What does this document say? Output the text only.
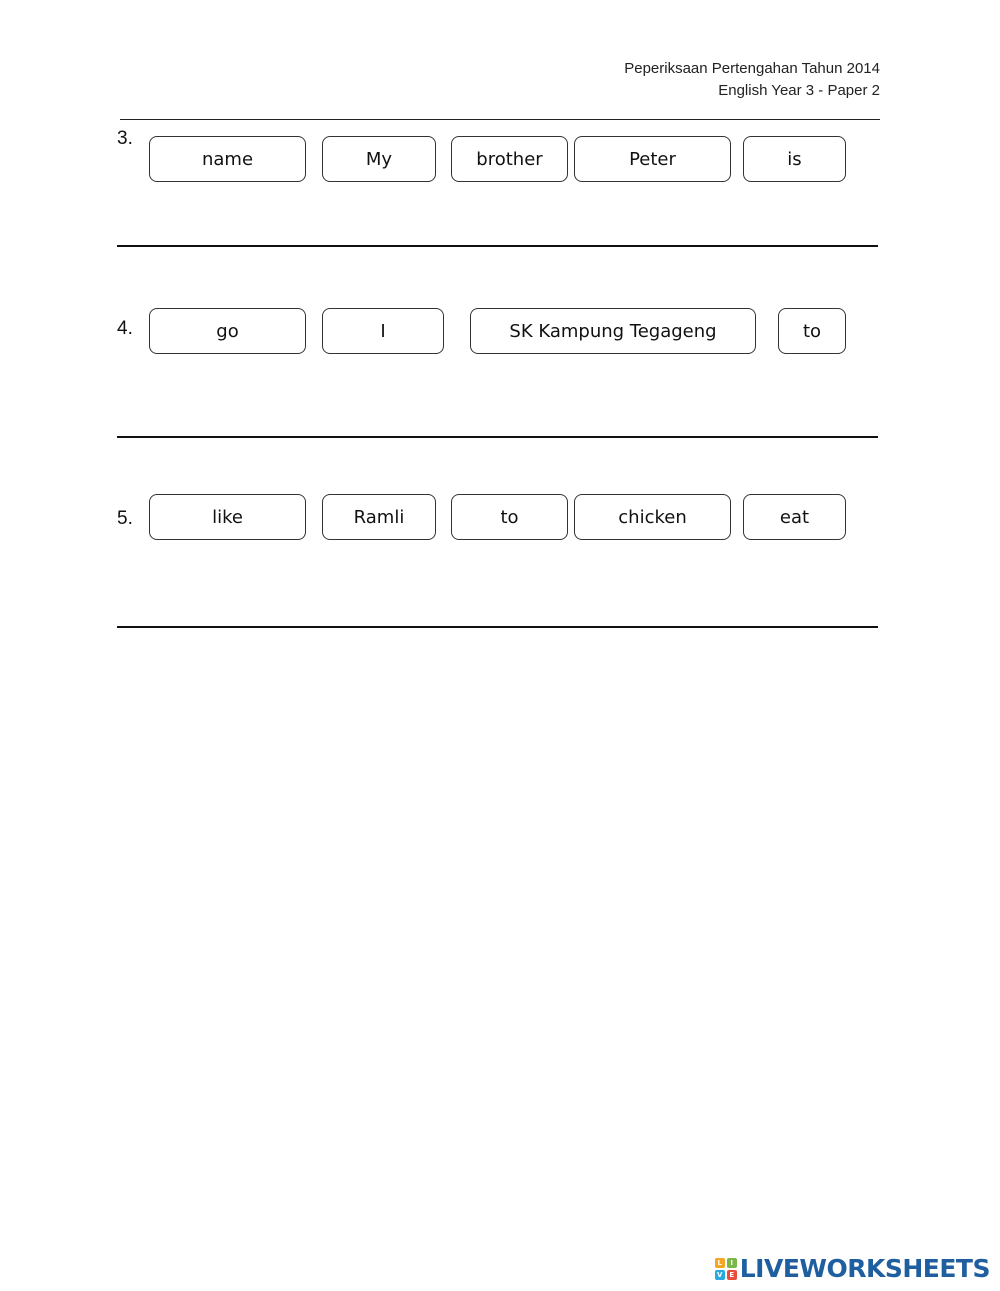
Peperiksaan Pertengahan Tahun 2014
English Year 3 - Paper 2
3.
name	My	brother	Peter	is
4.	go	I	SK Kampung Tegageng	to
5.	like	Ramli	to	chicken	eat
L	I
V E LIVEWORKSHEETS
